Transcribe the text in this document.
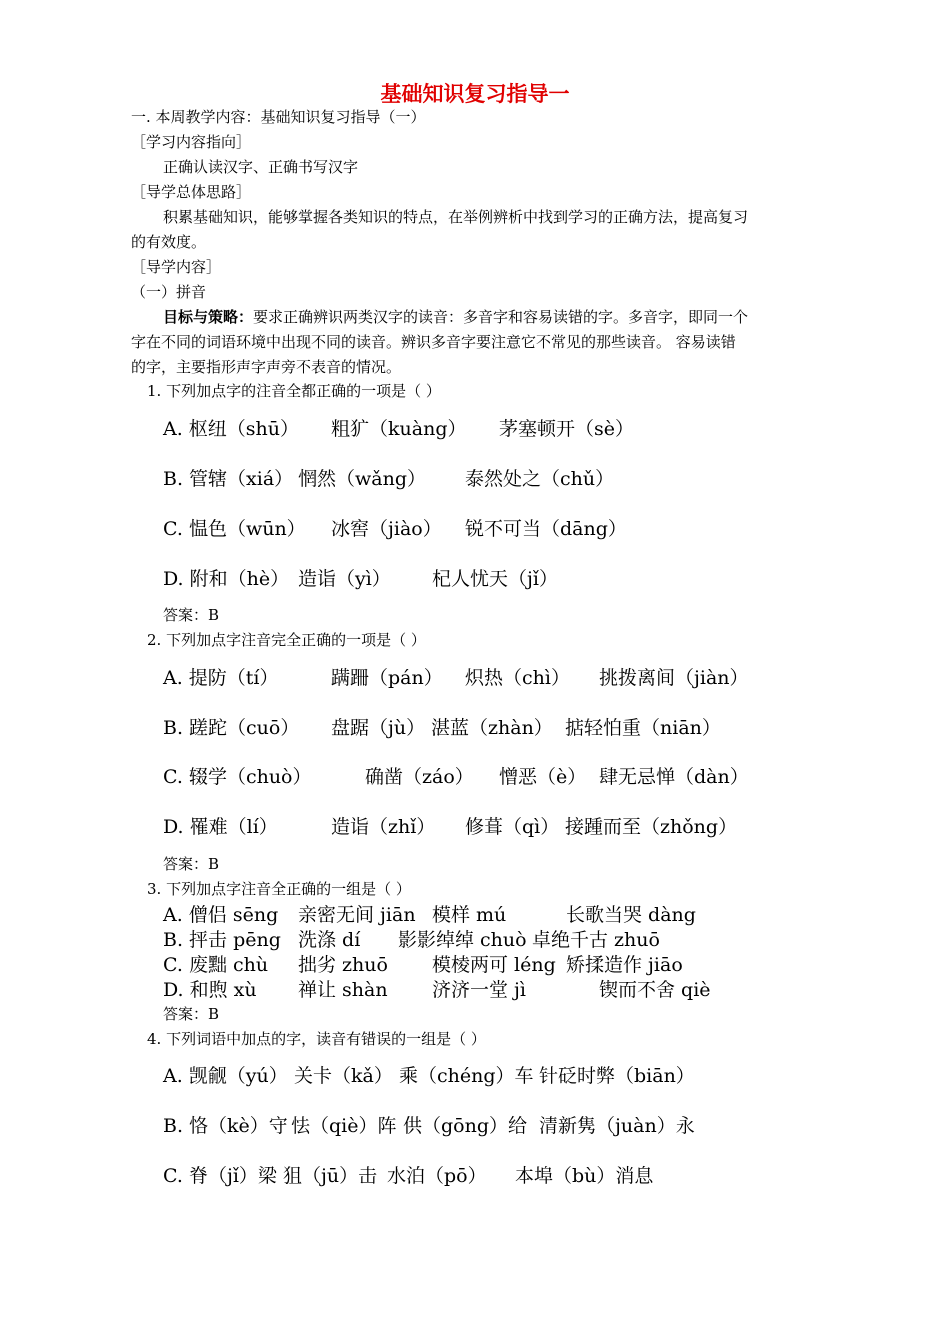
基础知识复习指导一
一. 本周教学内容：基础知识复习指导（一）
［学习内容指向］
正确认读汉字、正确书写汉字
［导学总体思路］
积累基础知识，能够掌握各类知识的特点，在举例辨析中找到学习的正确方法，提高复习
的有效度。
［导学内容］
（一）拼音
目标与策略：要求正确辨识两类汉字的读音：多音字和容易读错的字。多音字，即同一个
字在不同的词语环境中出现不同的读音。辨识多音字要注意它不常见的那些读音。 容易读错
的字，主要指形声字声旁不表音的情况。
1. 下列加点字的注音全都正确的一项是（ ）
A. 枢纽（shū） 粗犷（kuàng） 茅塞顿开（sè）
B. 管辖（xiá） 惘然（wǎng） 泰然处之（chǔ）
C. 愠色（wūn） 冰窖（jiào） 锐不可当（dāng）
D. 附和（hè） 造诣（yì） 杞人忧天（jǐ）
答案：B
2. 下列加点字注音完全正确的一项是（ ）
A. 提防（tí）	蹒跚（pán） 炽热（chì） 挑拨离间（jiàn）
B. 蹉跎（cuō） 盘踞（jù） 湛蓝（zhàn） 掂轻怕重（niān）
C. 辍学（chuò）	确凿（záo） 憎恶（è） 肆无忌惮（dàn）
D. 罹难（lí）	造诣（zhǐ） 修葺（qì） 接踵而至（zhǒng）
答案：B
3. 下列加点字注音全正确的一组是（ ）
A. 僧侣 sēng 亲密无间 jiān 模样 mú	长歌当哭 dàng
B. 抨击 pēng 洗涤 dí 影影绰绰 chuò 卓绝千古 zhuō
C. 废黜 chù 拙劣 zhuō 模棱两可 léng 矫揉造作 jiāo
D. 和煦 xù 禅让 shàn 济济一堂 jì	锲而不舍 qiè
答案：B
4. 下列词语中加点的字，读音有错误的一组是（ ）
A. 觊觎（yú） 关卡（kǎ） 乘（chéng）车 针砭时弊（biān）
B. 恪（kè）守 怯（qiè）阵 供（gōng）给 清新隽（juàn）永
C. 脊（jǐ）梁 狙（jū）击 水泊（pō） 本埠（bù）消息
